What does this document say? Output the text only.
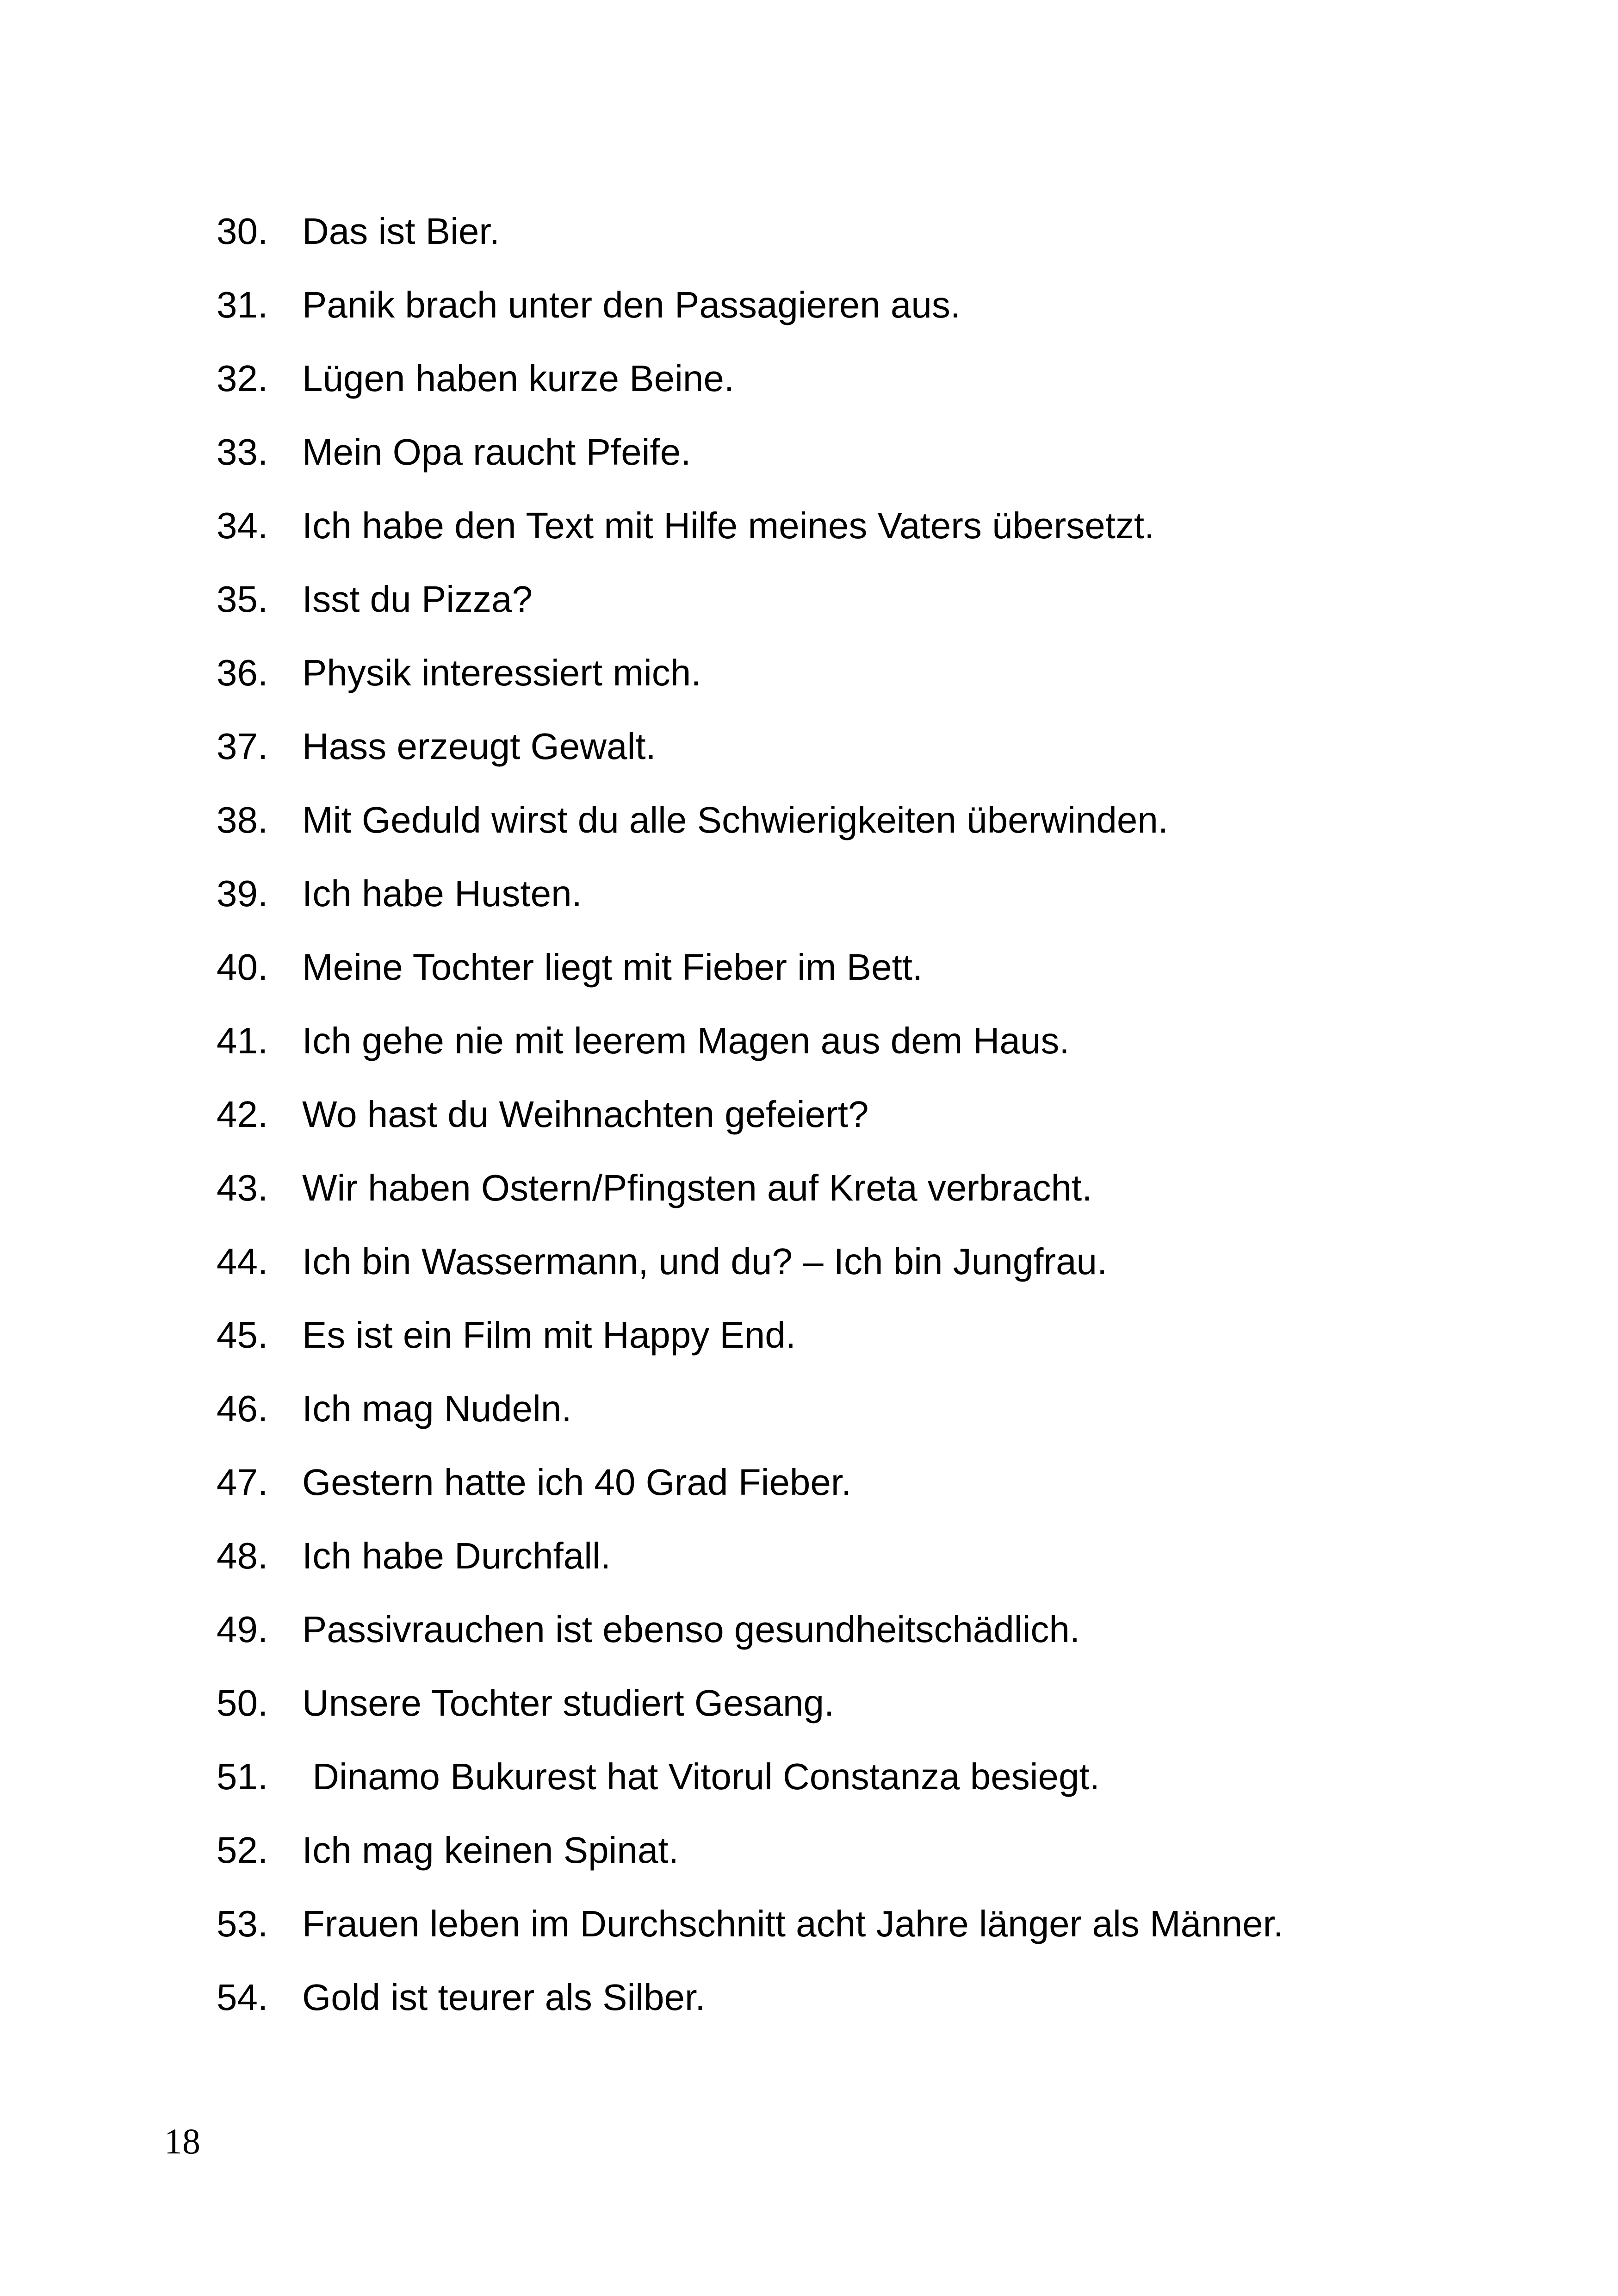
30. Das ist Bier.
31. Panik brach unter den Passagieren aus.
32. Lügen haben kurze Beine.
33. Mein Opa raucht Pfeife.
34. Ich habe den Text mit Hilfe meines Vaters übersetzt.
35. Isst du Pizza?
36. Physik interessiert mich.
37. Hass erzeugt Gewalt.
38. Mit Geduld wirst du alle Schwierigkeiten überwinden.
39. Ich habe Husten.
40. Meine Tochter liegt mit Fieber im Bett.
41. Ich gehe nie mit leerem Magen aus dem Haus.
42. Wo hast du Weihnachten gefeiert?
43. Wir haben Ostern/Pfingsten auf Kreta verbracht.
44. Ich bin Wassermann, und du? – Ich bin Jungfrau.
45. Es ist ein Film mit Happy End.
46. Ich mag Nudeln.
47. Gestern hatte ich 40 Grad Fieber.
48. Ich habe Durchfall.
49. Passivrauchen ist ebenso gesundheitschädlich.
50. Unsere Tochter studiert Gesang.
51. Dinamo Bukurest hat Vitorul Constanza besiegt.
52. Ich mag keinen Spinat.
53. Frauen leben im Durchschnitt acht Jahre länger als Männer.
54. Gold ist teurer als Silber.
18
